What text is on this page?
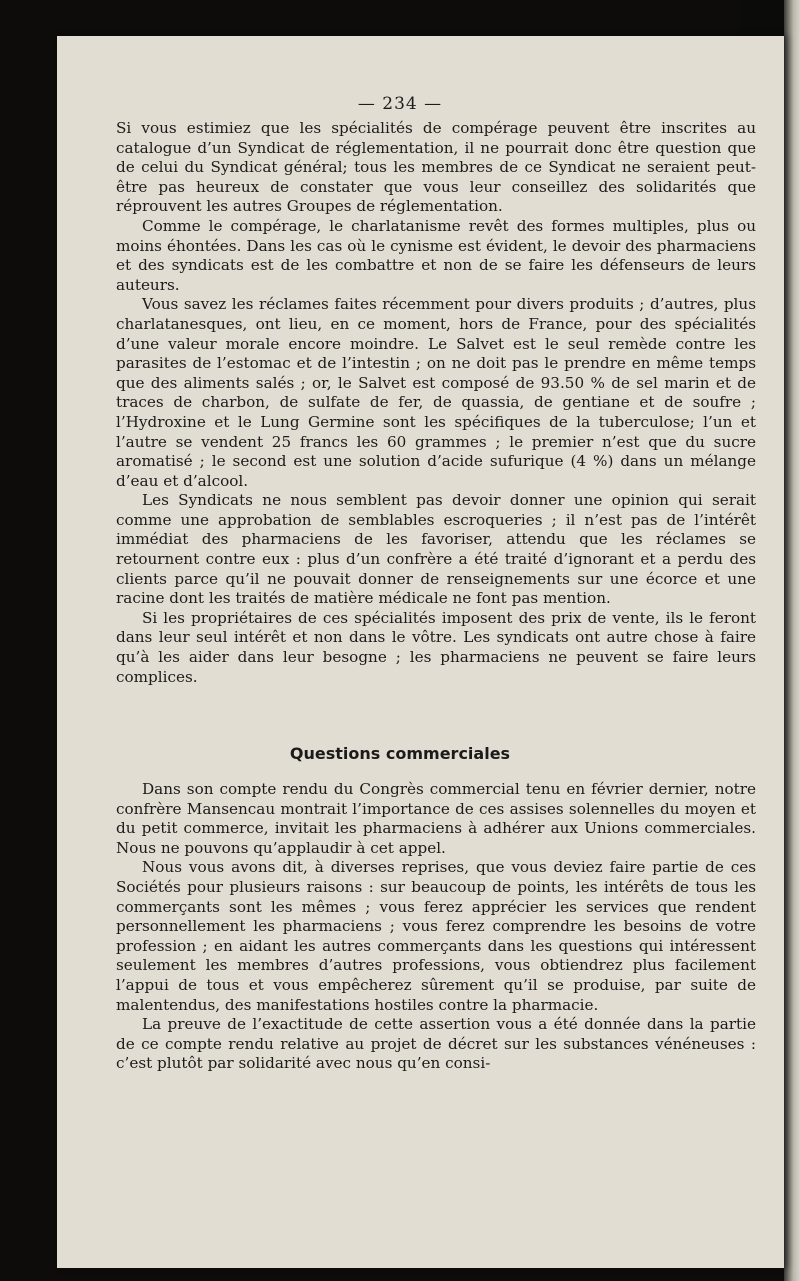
— 234 —

Si vous estimiez que les spécialités de compérage peuvent être inscrites au catalogue d’un Syndicat de réglementation, il ne pourrait donc être question que de celui du Syndicat général; tous les membres de ce Syndicat ne seraient peut-être pas heureux de constater que vous leur conseillez des solidarités que réprouvent les autres Groupes de réglementation.

Comme le compérage, le charlatanisme revêt des formes multiples, plus ou moins éhontées. Dans les cas où le cynisme est évident, le devoir des pharmaciens et des syndicats est de les combattre et non de se faire les défenseurs de leurs auteurs.

Vous savez les réclames faites récemment pour divers produits ; d’autres, plus charlatanesques, ont lieu, en ce moment, hors de France, pour des spécialités d’une valeur morale encore moindre. Le Salvet est le seul remède contre les parasites de l’estomac et de l’intestin ; on ne doit pas le prendre en même temps que des aliments salés ; or, le Salvet est composé de 93.50 % de sel marin et de traces de charbon, de sulfate de fer, de quassia, de gentiane et de soufre ; l’Hydroxine et le Lung Germine sont les spécifiques de la tuberculose; l’un et l’autre se vendent 25 francs les 60 grammes ; le premier n’est que du sucre aromatisé ; le second est une solution d’acide sufurique (4 %) dans un mélange d’eau et d’alcool.

Les Syndicats ne nous semblent pas devoir donner une opinion qui serait comme une approbation de semblables escroqueries ; il n’est pas de l’intérêt immédiat des pharmaciens de les favoriser, attendu que les réclames se retournent contre eux : plus d’un confrère a été traité d’ignorant et a perdu des clients parce qu’il ne pouvait donner de renseignements sur une écorce et une racine dont les traités de matière médicale ne font pas mention.

Si les propriétaires de ces spécialités imposent des prix de vente, ils le feront dans leur seul intérêt et non dans le vôtre. Les syndicats ont autre chose à faire qu’à les aider dans leur besogne ; les pharmaciens ne peuvent se faire leurs complices.

Questions commerciales

Dans son compte rendu du Congrès commercial tenu en février dernier, notre confrère Mansencau montrait l’importance de ces assises solennelles du moyen et du petit commerce, invitait les pharmaciens à adhérer aux Unions commerciales. Nous ne pouvons qu’applaudir à cet appel.

Nous vous avons dit, à diverses reprises, que vous deviez faire partie de ces Sociétés pour plusieurs raisons : sur beaucoup de points, les intérêts de tous les commerçants sont les mêmes ; vous ferez apprécier les services que rendent personnellement les pharmaciens ; vous ferez comprendre les besoins de votre profession ; en aidant les autres commerçants dans les questions qui intéressent seulement les membres d’autres professions, vous obtiendrez plus facilement l’appui de tous et vous empêcherez sûrement qu’il se produise, par suite de malentendus, des manifestations hostiles contre la pharmacie.

La preuve de l’exactitude de cette assertion vous a été donnée dans la partie de ce compte rendu relative au projet de décret sur les substances vénéneuses : c’est plutôt par solidarité avec nous qu’en consi-
